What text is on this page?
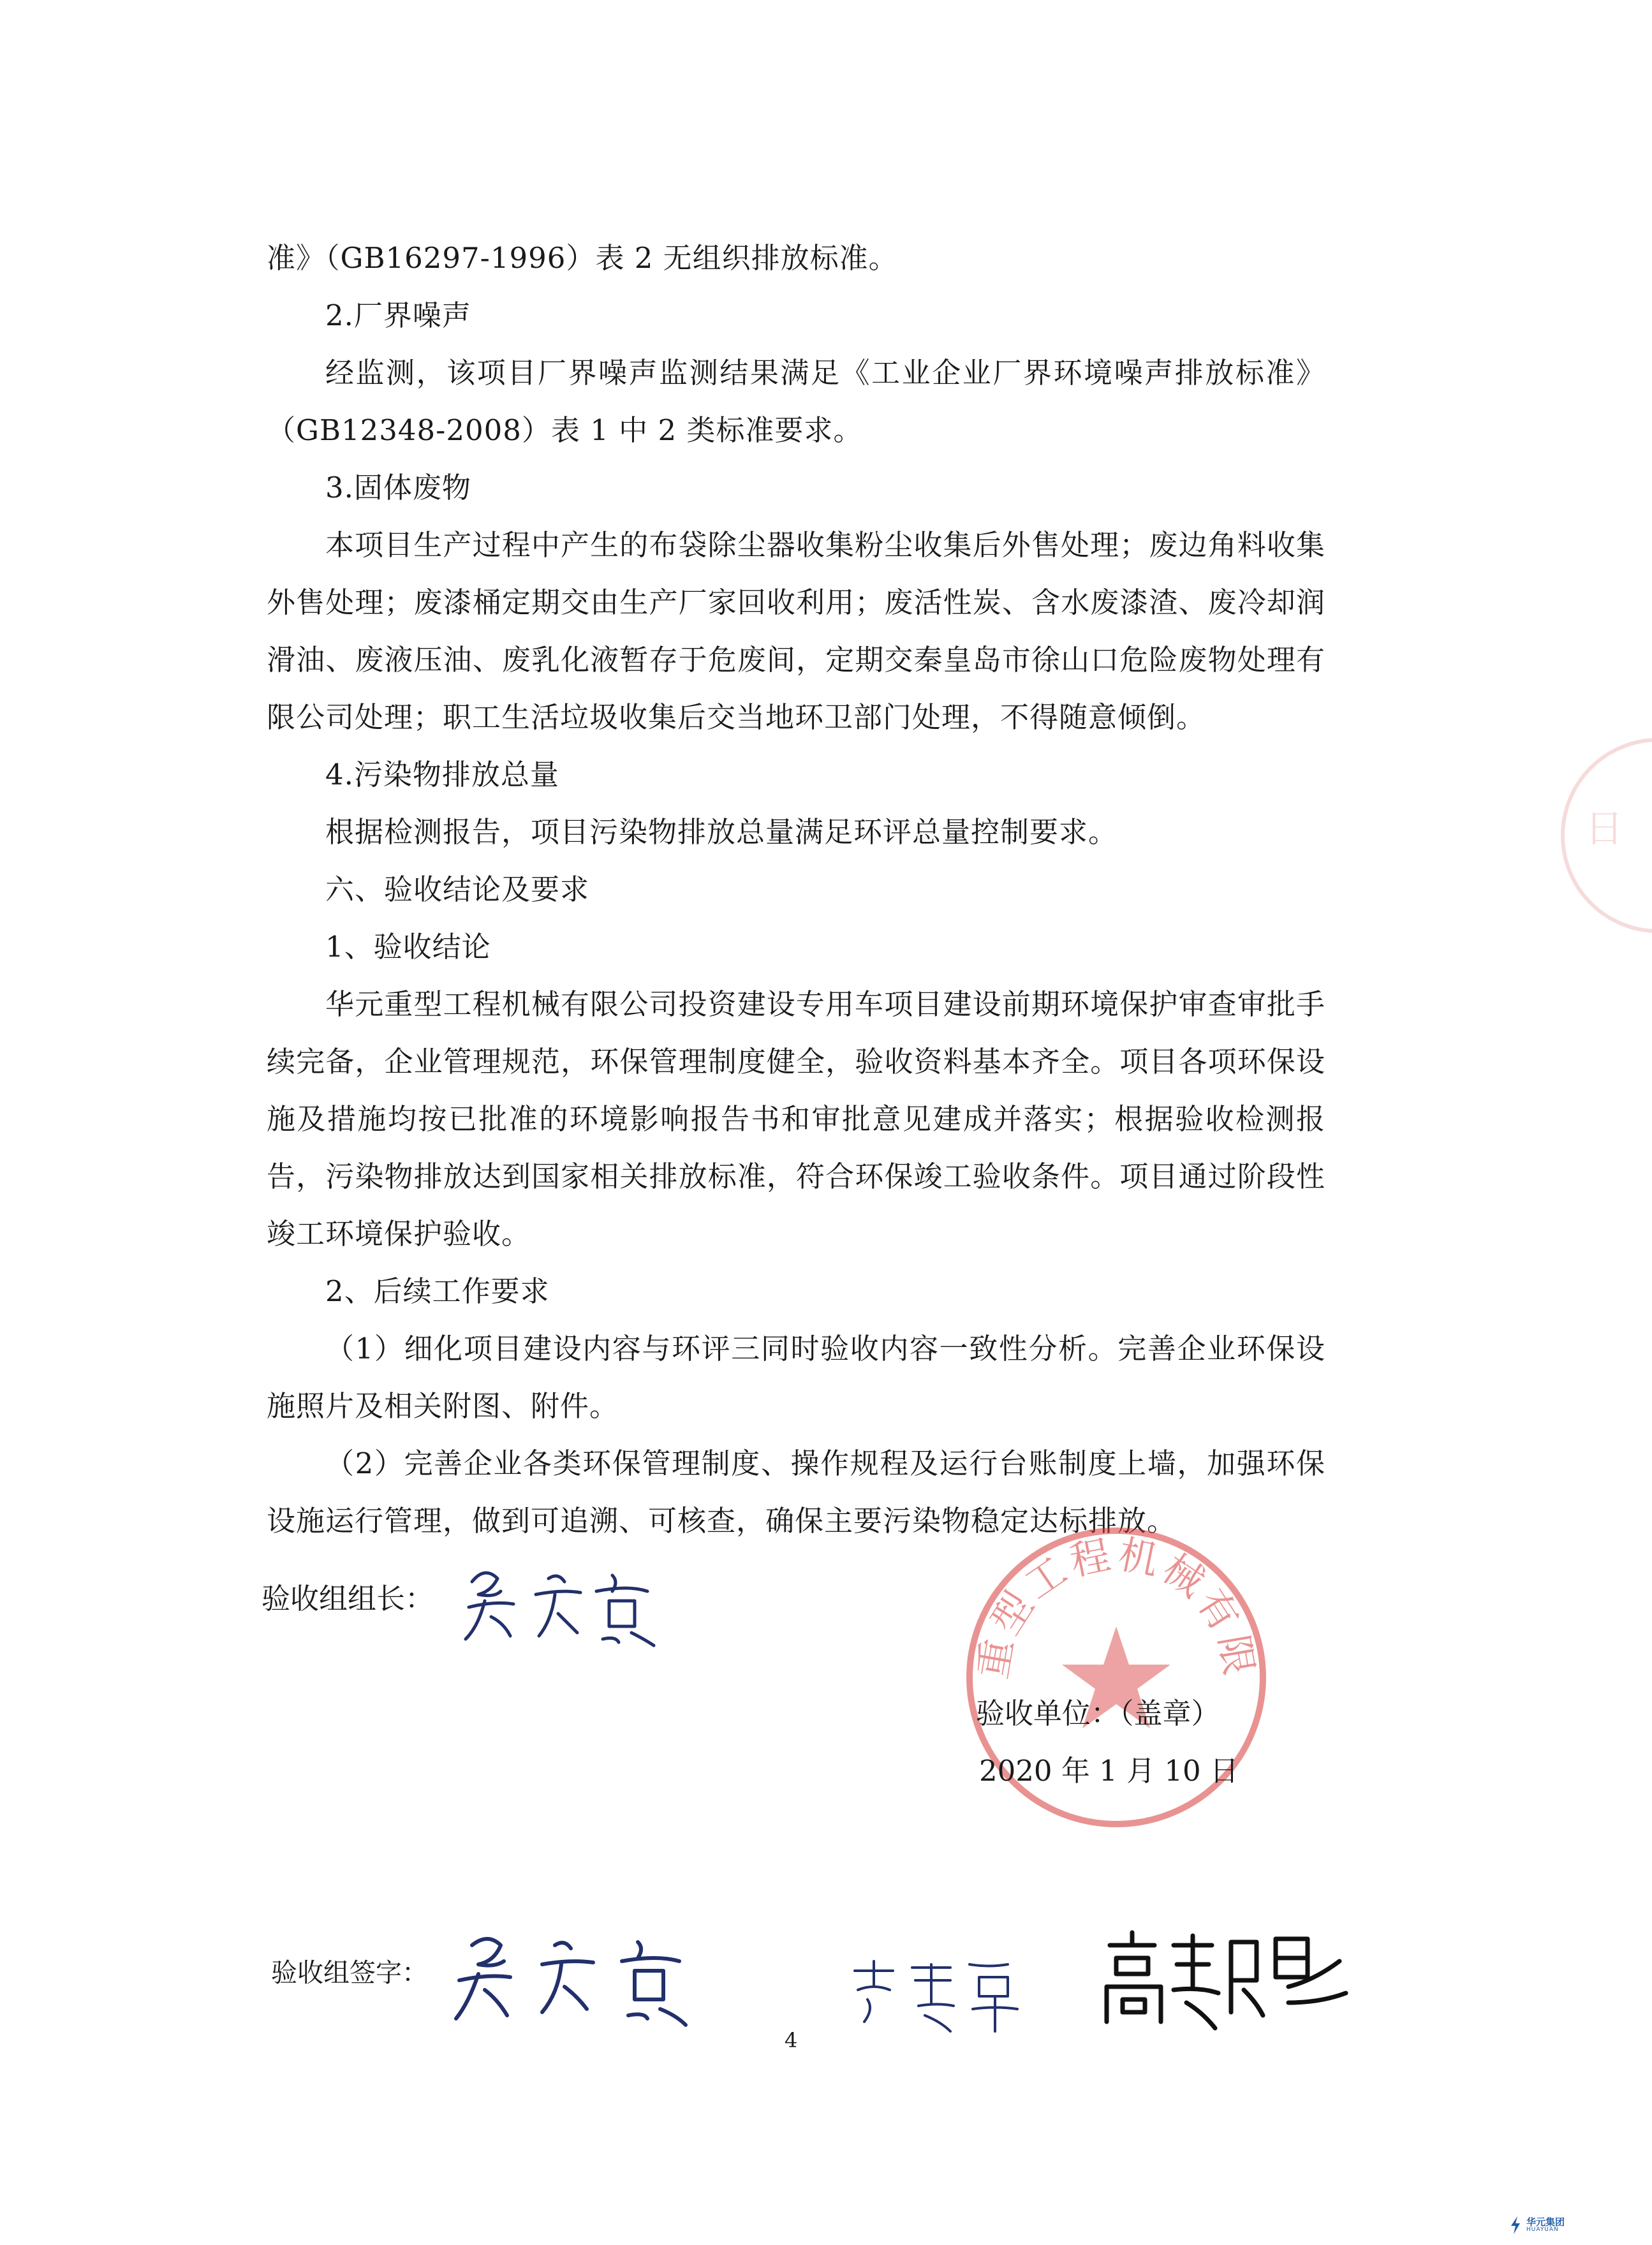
准》（GB16297-1996）表 2 无组织排放标准。

2.厂界噪声

经监测，该项目厂界噪声监测结果满足《工业企业厂界环境噪声排放标准》（GB12348-2008）表 1 中 2 类标准要求。

3.固体废物

本项目生产过程中产生的布袋除尘器收集粉尘收集后外售处理；废边角料收集外售处理；废漆桶定期交由生产厂家回收利用；废活性炭、含水废漆渣、废冷却润滑油、废液压油、废乳化液暂存于危废间，定期交秦皇岛市徐山口危险废物处理有限公司处理；职工生活垃圾收集后交当地环卫部门处理，不得随意倾倒。

4.污染物排放总量

根据检测报告，项目污染物排放总量满足环评总量控制要求。

六、验收结论及要求

1、验收结论

华元重型工程机械有限公司投资建设专用车项目建设前期环境保护审查审批手续完备，企业管理规范，环保管理制度健全，验收资料基本齐全。项目各项环保设施及措施均按已批准的环境影响报告书和审批意见建成并落实；根据验收检测报告，污染物排放达到国家相关排放标准，符合环保竣工验收条件。项目通过阶段性竣工环境保护验收。

2、后续工作要求

（1）细化项目建设内容与环评三同时验收内容一致性分析。完善企业环保设施照片及相关附图、附件。

（2）完善企业各类环保管理制度、操作规程及运行台账制度上墙，加强环保设施运行管理，做到可追溯、可核查，确保主要污染物稳定达标排放。

日
验收组组长：
重型工程机械有限
验收单位：（盖章）
2020 年 1 月 10 日
验收组签字：
4
华元集团
HUAYUAN
